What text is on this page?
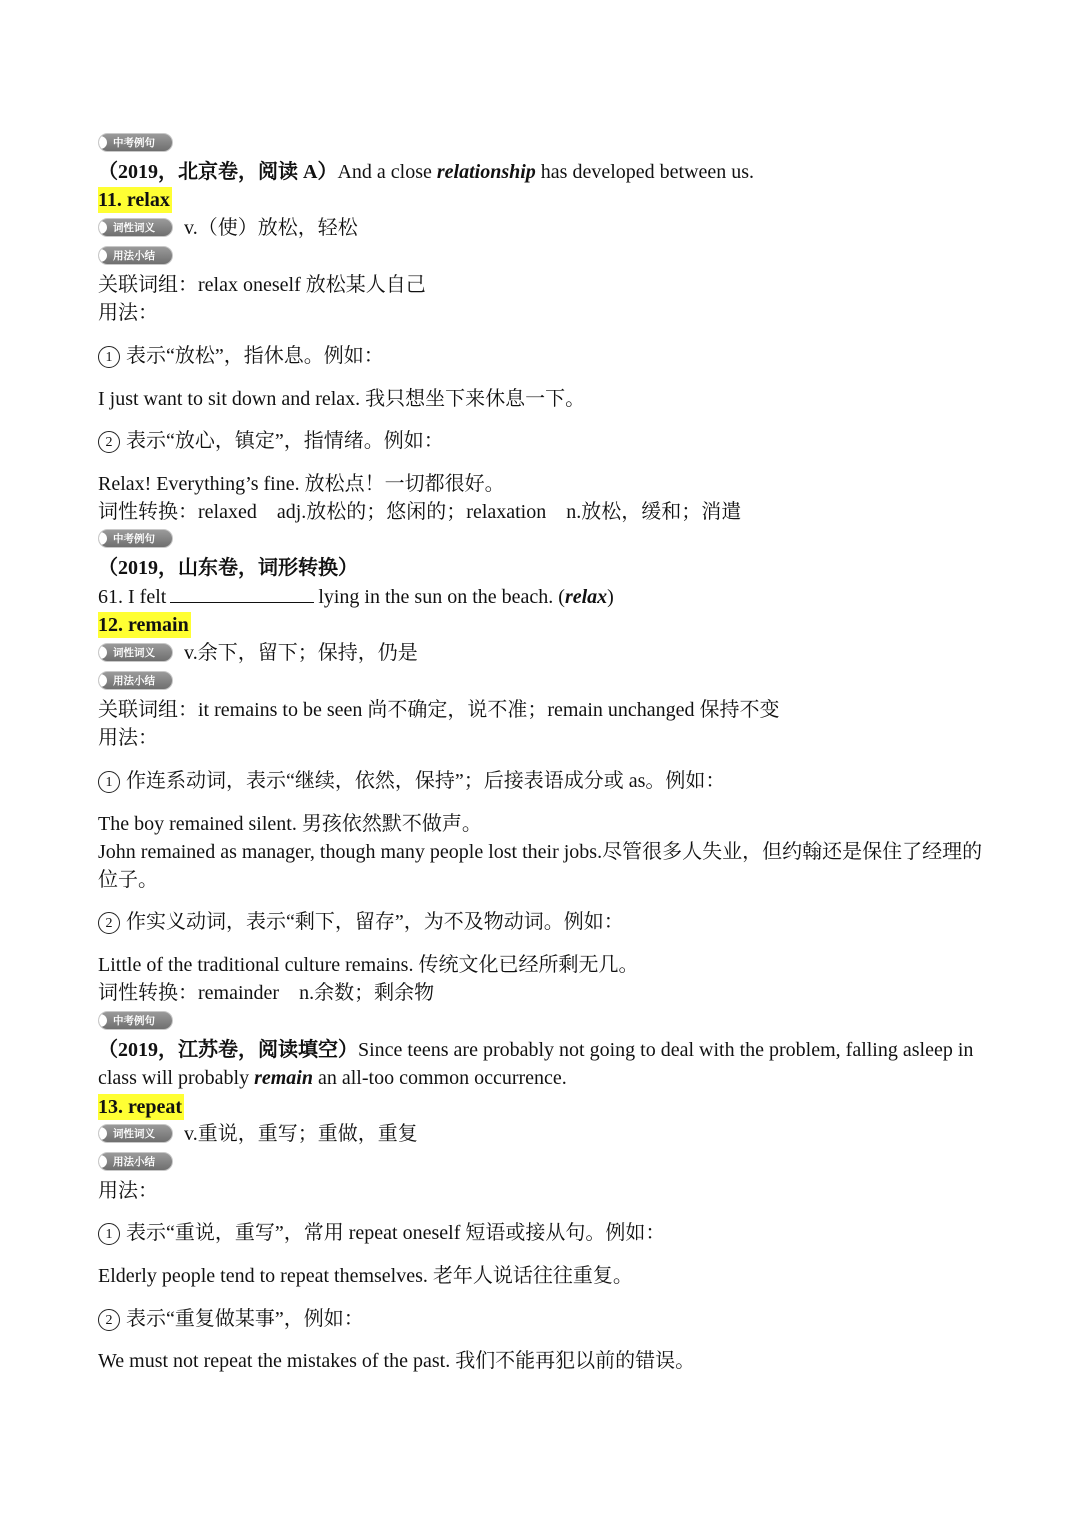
中考例句
（2019，北京卷，阅读 A）And a close relationship has developed between us.
11. relax
词性词义	v.（使）放松，轻松
用法小结
关联词组：relax oneself 放松某人自己
用法：
1 表示“放松”，指休息。例如：
I just want to sit down and relax. 我只想坐下来休息一下。
2 表示“放心，镇定”，指情绪。例如：
Relax! Everything’s fine. 放松点！一切都很好。
词性转换：relaxed　adj.放松的；悠闲的；relaxation　n.放松，缓和；消遣
中考例句
（2019，山东卷，词形转换）
61. I felt	lying in the sun on the beach. (relax)
12. remain
词性词义	v.余下，留下；保持，仍是
用法小结
关联词组：it remains to be seen 尚不确定，说不准；remain unchanged 保持不变
用法：
1 作连系动词，表示“继续，依然，保持”；后接表语成分或 as。例如：
The boy remained silent. 男孩依然默不做声。
John remained as manager, though many people lost their jobs.尽管很多人失业，但约翰还是保住了经理的位子。
2 作实义动词，表示“剩下，留存”，为不及物动词。例如：
Little of the traditional culture remains. 传统文化已经所剩无几。
词性转换：remainder　n.余数；剩余物
中考例句
（2019，江苏卷，阅读填空）Since teens are probably not going to deal with the problem, falling asleep in class will probably remain an all-too common occurrence.
13. repeat
词性词义	v.重说，重写；重做，重复
用法小结
用法：
1 表示“重说，重写”，常用 repeat oneself 短语或接从句。例如：
Elderly people tend to repeat themselves. 老年人说话往往重复。
2 表示“重复做某事”，例如：
We must not repeat the mistakes of the past. 我们不能再犯以前的错误。
